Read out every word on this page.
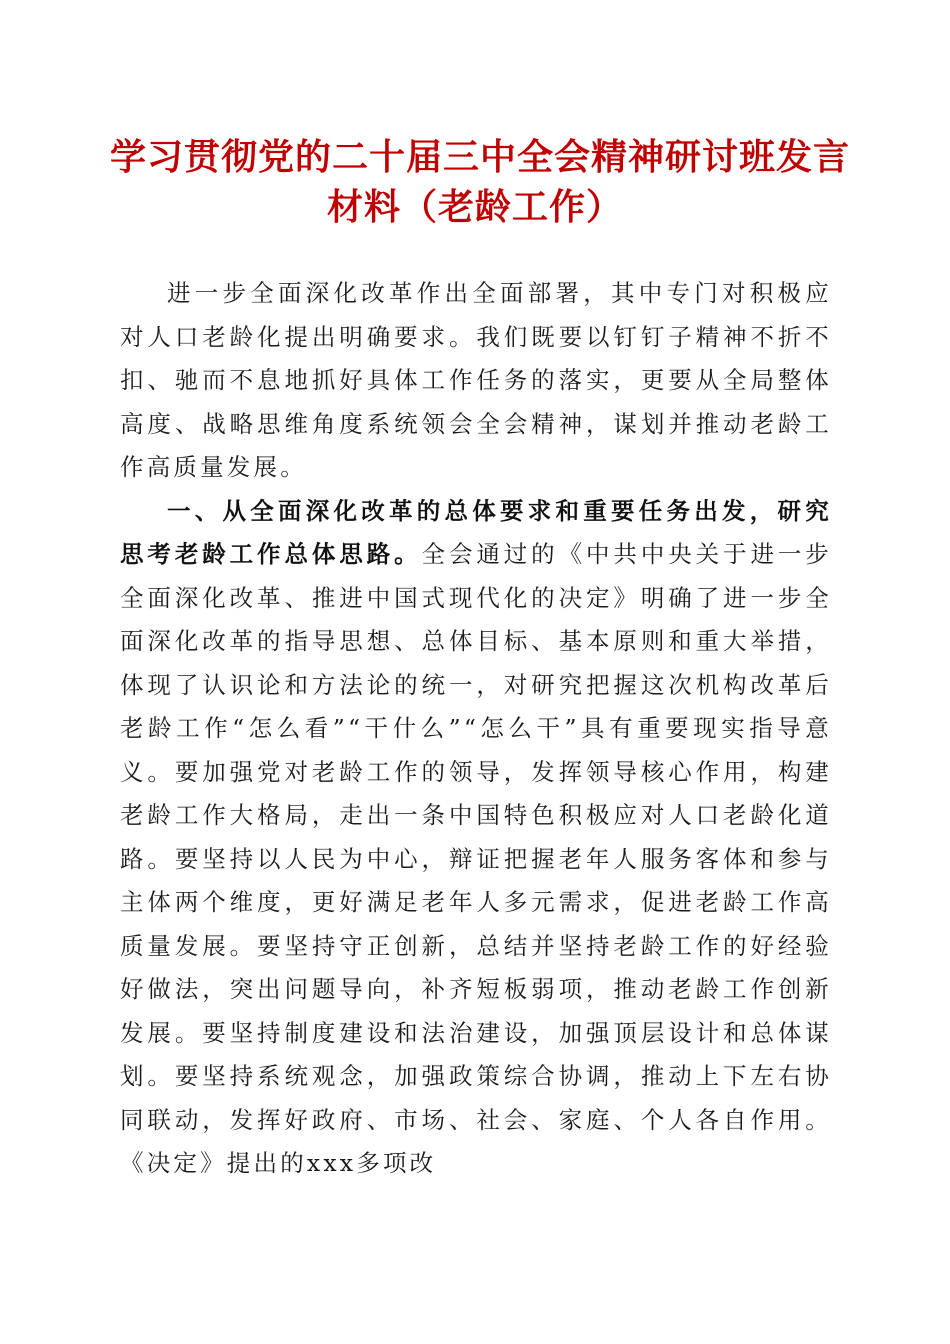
学习贯彻党的二十届三中全会精神研讨班发言
材料（老龄工作）

进一步全面深化改革作出全面部署，其中专门对积极应对人口老龄化提出明确要求。我们既要以钉钉子精神不折不扣、驰而不息地抓好具体工作任务的落实，更要从全局整体高度、战略思维角度系统领会全会精神，谋划并推动老龄工作高质量发展。

一、从全面深化改革的总体要求和重要任务出发，研究思考老龄工作总体思路。全会通过的《中共中央关于进一步全面深化改革、推进中国式现代化的决定》明确了进一步全面深化改革的指导思想、总体目标、基本原则和重大举措，体现了认识论和方法论的统一，对研究把握这次机构改革后老龄工作“怎么看”“干什么”“怎么干”具有重要现实指导意义。要加强党对老龄工作的领导，发挥领导核心作用，构建老龄工作大格局，走出一条中国特色积极应对人口老龄化道路。要坚持以人民为中心，辩证把握老年人服务客体和参与主体两个维度，更好满足老年人多元需求，促进老龄工作高质量发展。要坚持守正创新，总结并坚持老龄工作的好经验好做法，突出问题导向，补齐短板弱项，推动老龄工作创新发展。要坚持制度建设和法治建设，加强顶层设计和总体谋划。要坚持系统观念，加强政策综合协调，推动上下左右协同联动，发挥好政府、市场、社会、家庭、个人各自作用。《决定》提出的xxx多项改
